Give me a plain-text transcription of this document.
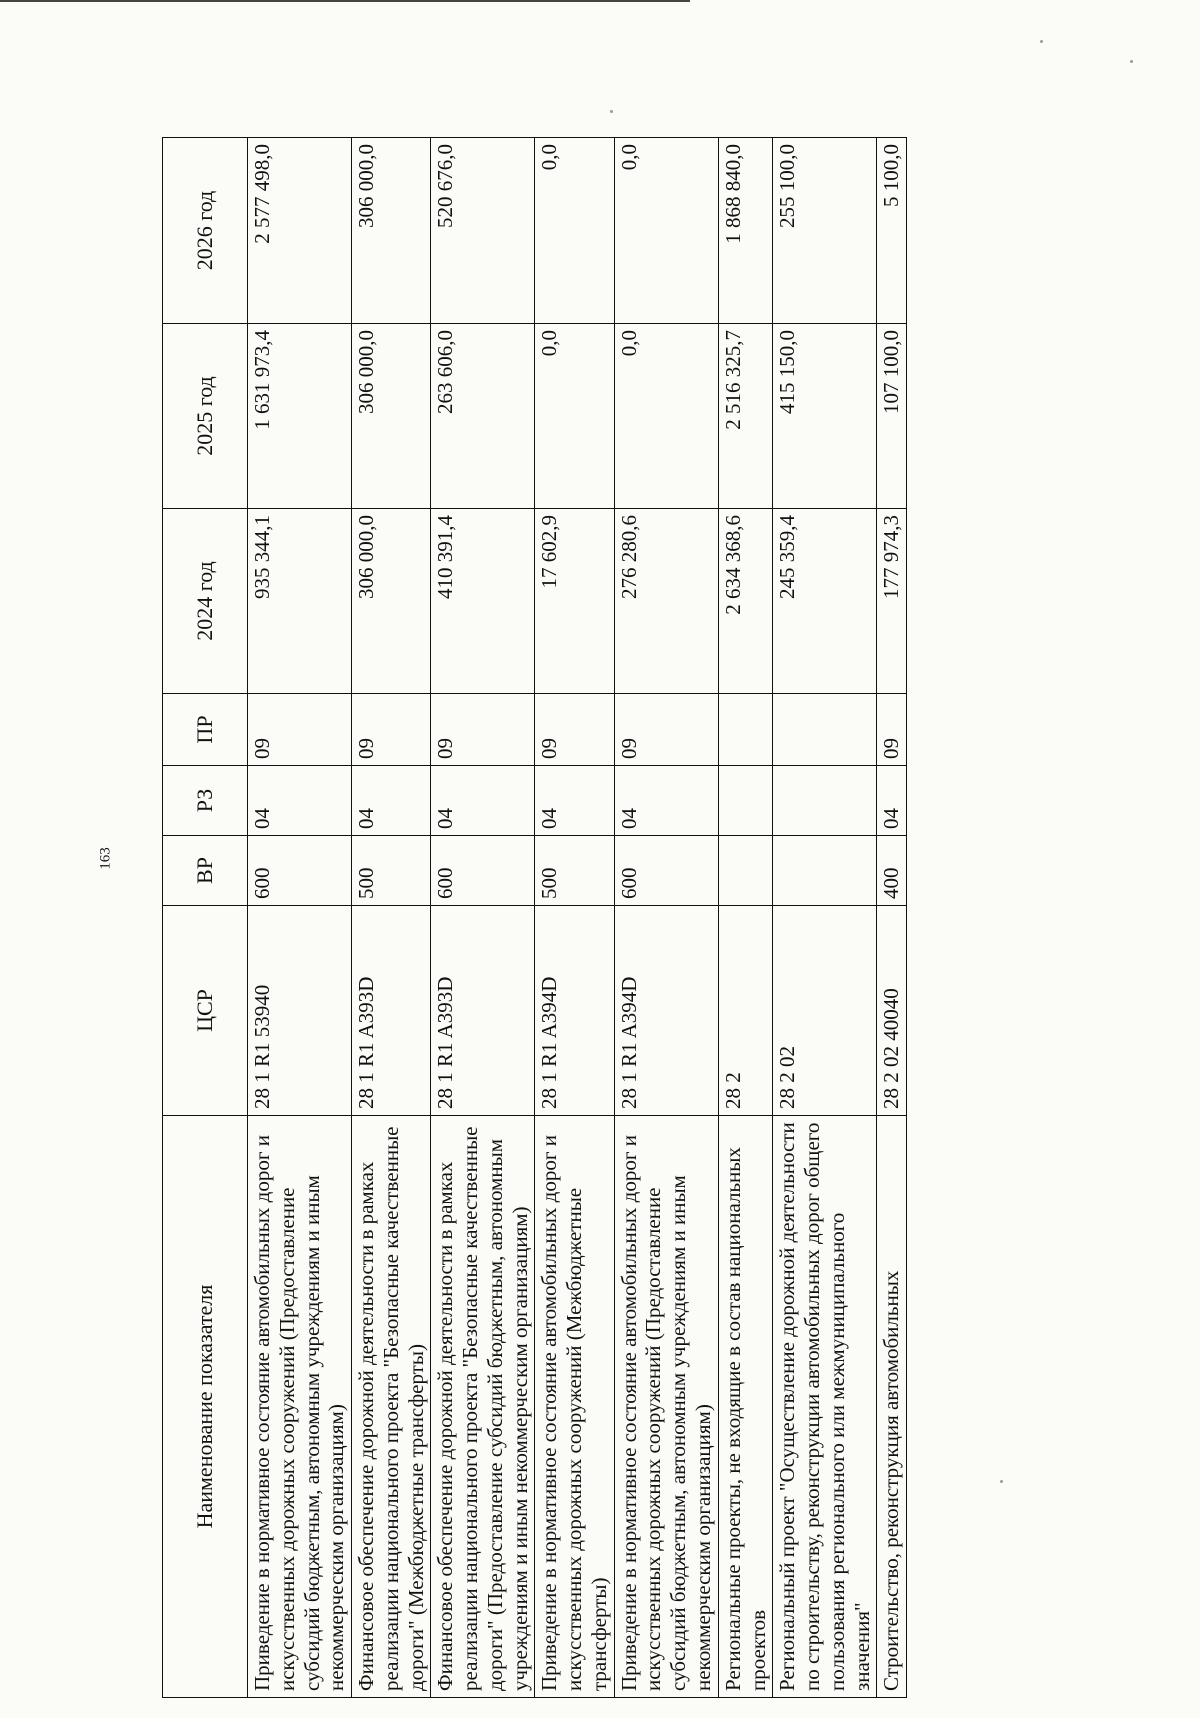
163
Наименование показателя	ЦСР	ВР	РЗ	ПР	2024 год	2025 год	2026 год
Приведение в нормативное состояние автомобильных дорог и искусственных дорожных сооружений (Предоставление субсидий бюджетным, автономным учреждениям и иным некоммерческим организациям)	28 1 R1 53940	600	04	09	935 344,1	1 631 973,4	2 577 498,0
Финансовое обеспечение дорожной деятельности в рамках реализации национального проекта "Безопасные качественные дороги" (Межбюджетные трансферты)	28 1 R1 A393D	500	04	09	306 000,0	306 000,0	306 000,0
Финансовое обеспечение дорожной деятельности в рамках реализации национального проекта "Безопасные качественные дороги" (Предоставление субсидий бюджетным, автономным учреждениям и иным некоммерческим организациям)	28 1 R1 A393D	600	04	09	410 391,4	263 606,0	520 676,0
Приведение в нормативное состояние автомобильных дорог и искусственных дорожных сооружений (Межбюджетные трансферты)	28 1 R1 A394D	500	04	09	17 602,9	0,0	0,0
Приведение в нормативное состояние автомобильных дорог и искусственных дорожных сооружений (Предоставление субсидий бюджетным, автономным учреждениям и иным некоммерческим организациям)	28 1 R1 A394D	600	04	09	276 280,6	0,0	0,0
Региональные проекты, не входящие в состав национальных проектов	28 2				2 634 368,6	2 516 325,7	1 868 840,0
Региональный проект "Осуществление дорожной деятельности по строительству, реконструкции автомобильных дорог общего пользования регионального или межмуниципального значения"	28 2 02				245 359,4	415 150,0	255 100,0
Строительство, реконструкция автомобильных	28 2 02 40040	400	04	09	177 974,3	107 100,0	5 100,0
